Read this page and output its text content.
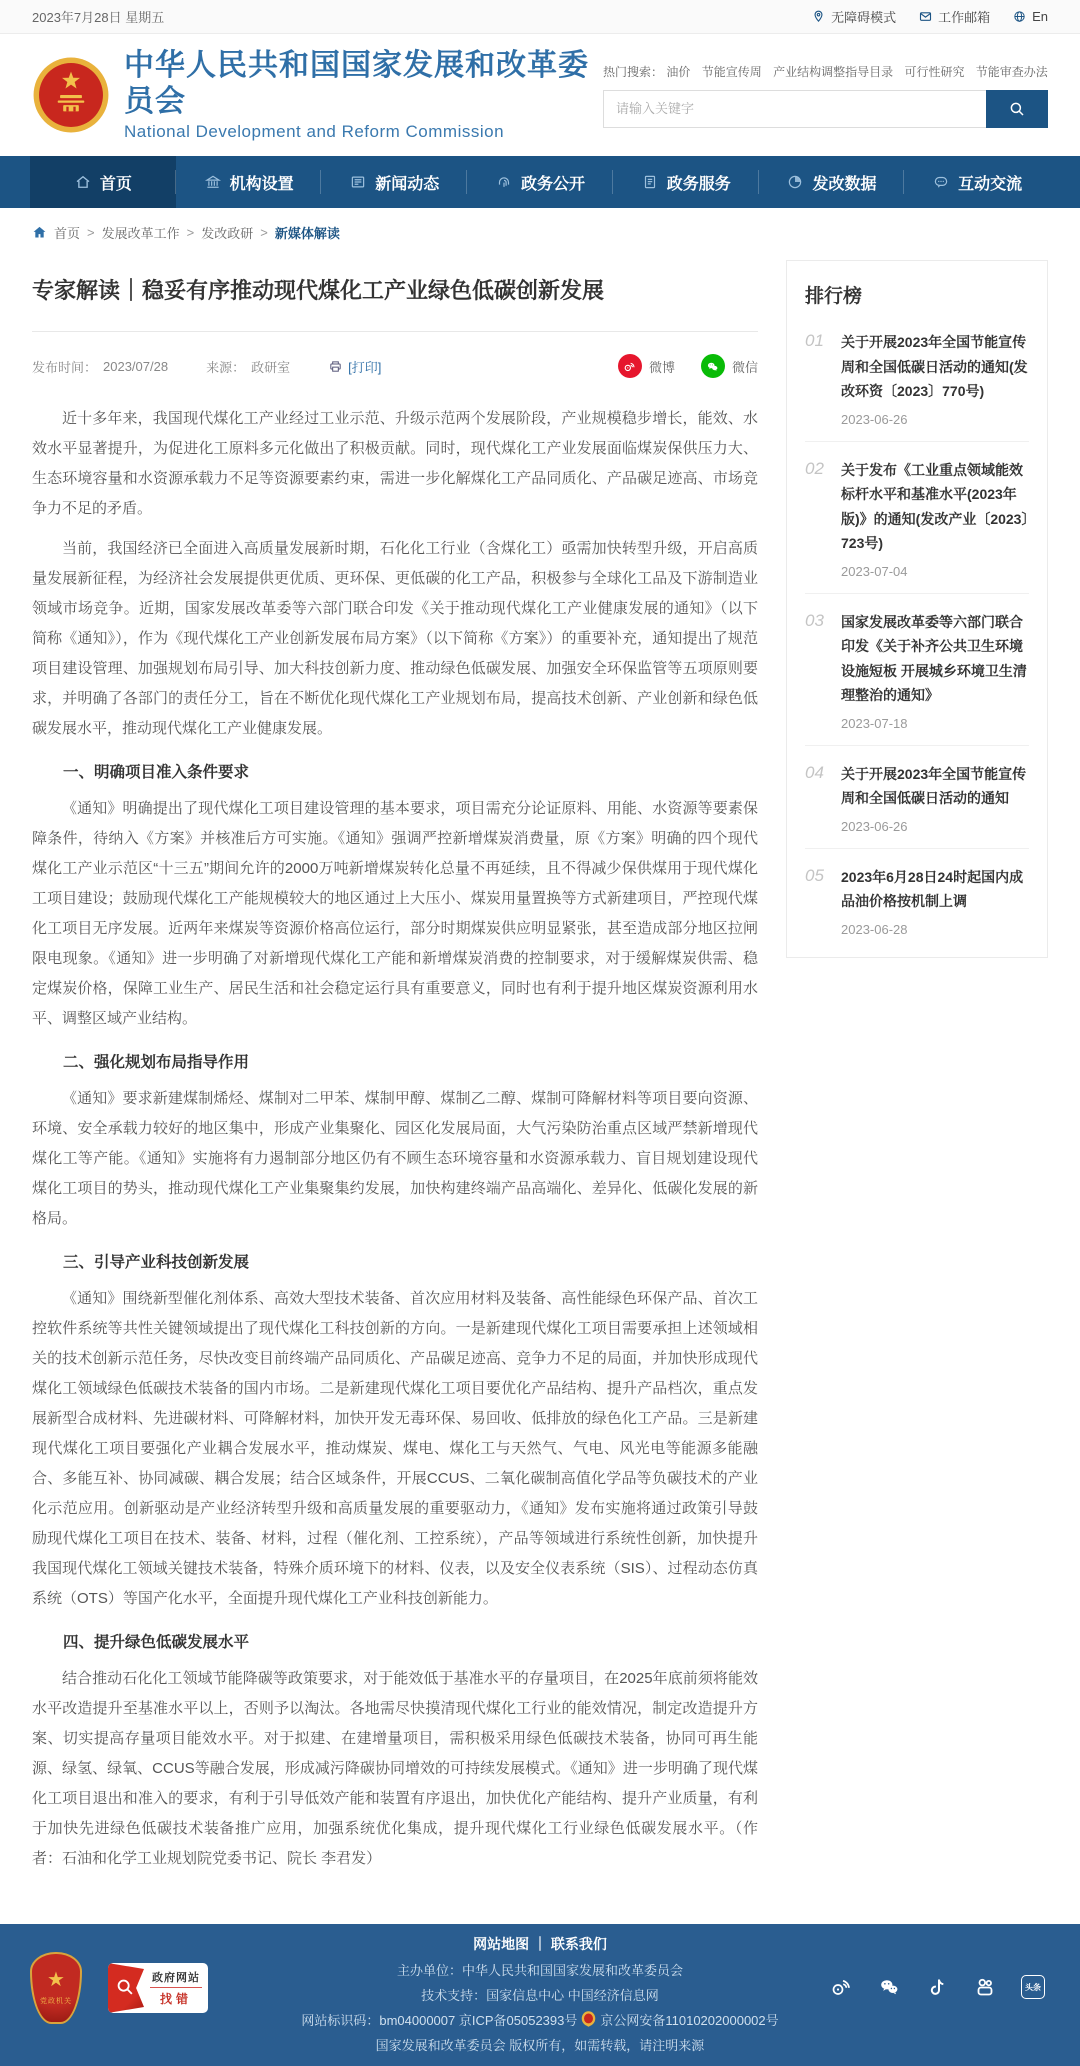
2023年7月28日 星期五	无障碍模式	工作邮箱	En
中华人民共和国国家发展和改革委员会
National Development and Reform Commission
热门搜索： 油价 节能宣传周 产业结构调整指导目录 可行性研究 节能审查办法
请输入关键字
首页	机构设置	新闻动态	政务公开	政务服务	发改数据	互动交流
首页 > 发展改革工作 > 发改政研 > 新媒体解读
专家解读｜稳妥有序推动现代煤化工产业绿色低碳创新发展
发布时间： 2023/07/28	来源： 政研室	[打印]	微博	微信

近十多年来，我国现代煤化工产业经过工业示范、升级示范两个发展阶段，产业规模稳步增长，能效、水效水平显著提升，为促进化工原料多元化做出了积极贡献。同时，现代煤化工产业发展面临煤炭保供压力大、生态环境容量和水资源承载力不足等资源要素约束，需进一步化解煤化工产品同质化、产品碳足迹高、市场竞争力不足的矛盾。

当前，我国经济已全面进入高质量发展新时期，石化化工行业（含煤化工）亟需加快转型升级，开启高质量发展新征程，为经济社会发展提供更优质、更环保、更低碳的化工产品，积极参与全球化工品及下游制造业领域市场竞争。近期，国家发展改革委等六部门联合印发《关于推动现代煤化工产业健康发展的通知》（以下简称《通知》），作为《现代煤化工产业创新发展布局方案》（以下简称《方案》）的重要补充，通知提出了规范项目建设管理、加强规划布局引导、加大科技创新力度、推动绿色低碳发展、加强安全环保监管等五项原则要求，并明确了各部门的责任分工，旨在不断优化现代煤化工产业规划布局，提高技术创新、产业创新和绿色低碳发展水平，推动现代煤化工产业健康发展。

一、明确项目准入条件要求

《通知》明确提出了现代煤化工项目建设管理的基本要求，项目需充分论证原料、用能、水资源等要素保障条件，待纳入《方案》并核准后方可实施。《通知》强调严控新增煤炭消费量，原《方案》明确的四个现代煤化工产业示范区“十三五”期间允许的2000万吨新增煤炭转化总量不再延续，且不得减少保供煤用于现代煤化工项目建设；鼓励现代煤化工产能规模较大的地区通过上大压小、煤炭用量置换等方式新建项目，严控现代煤化工项目无序发展。近两年来煤炭等资源价格高位运行，部分时期煤炭供应明显紧张，甚至造成部分地区拉闸限电现象。《通知》进一步明确了对新增现代煤化工产能和新增煤炭消费的控制要求，对于缓解煤炭供需、稳定煤炭价格，保障工业生产、居民生活和社会稳定运行具有重要意义，同时也有利于提升地区煤炭资源利用水平、调整区域产业结构。

二、强化规划布局指导作用

《通知》要求新建煤制烯烃、煤制对二甲苯、煤制甲醇、煤制乙二醇、煤制可降解材料等项目要向资源、环境、安全承载力较好的地区集中，形成产业集聚化、园区化发展局面，大气污染防治重点区域严禁新增现代煤化工等产能。《通知》实施将有力遏制部分地区仍有不顾生态环境容量和水资源承载力、盲目规划建设现代煤化工项目的势头，推动现代煤化工产业集聚集约发展，加快构建终端产品高端化、差异化、低碳化发展的新格局。

三、引导产业科技创新发展

《通知》围绕新型催化剂体系、高效大型技术装备、首次应用材料及装备、高性能绿色环保产品、首次工控软件系统等共性关键领域提出了现代煤化工科技创新的方向。一是新建现代煤化工项目需要承担上述领域相关的技术创新示范任务，尽快改变目前终端产品同质化、产品碳足迹高、竞争力不足的局面，并加快形成现代煤化工领域绿色低碳技术装备的国内市场。二是新建现代煤化工项目要优化产品结构、提升产品档次，重点发展新型合成材料、先进碳材料、可降解材料，加快开发无毒环保、易回收、低排放的绿色化工产品。三是新建现代煤化工项目要强化产业耦合发展水平，推动煤炭、煤电、煤化工与天然气、气电、风光电等能源多能融合、多能互补、协同减碳、耦合发展；结合区域条件，开展CCUS、二氧化碳制高值化学品等负碳技术的产业化示范应用。创新驱动是产业经济转型升级和高质量发展的重要驱动力，《通知》发布实施将通过政策引导鼓励现代煤化工项目在技术、装备、材料，过程（催化剂、工控系统），产品等领域进行系统性创新，加快提升我国现代煤化工领域关键技术装备，特殊介质环境下的材料、仪表，以及安全仪表系统（SIS）、过程动态仿真系统（OTS）等国产化水平，全面提升现代煤化工产业科技创新能力。

四、提升绿色低碳发展水平

结合推动石化化工领域节能降碳等政策要求，对于能效低于基准水平的存量项目，在2025年底前须将能效水平改造提升至基准水平以上，否则予以淘汰。各地需尽快摸清现代煤化工行业的能效情况，制定改造提升方案、切实提高存量项目能效水平。对于拟建、在建增量项目，需积极采用绿色低碳技术装备，协同可再生能源、绿氢、绿氧、CCUS等融合发展，形成减污降碳协同增效的可持续发展模式。《通知》进一步明确了现代煤化工项目退出和准入的要求，有利于引导低效产能和装置有序退出，加快优化产能结构、提升产业质量，有利于加快先进绿色低碳技术装备推广应用，加强系统优化集成，提升现代煤化工行业绿色低碳发展水平。（作者：石油和化学工业规划院党委书记、院长 李君发）

排行榜
01	关于开展2023年全国节能宣传周和全国低碳日活动的通知(发改环资〔2023〕770号)
2023-06-26
02	关于发布《工业重点领域能效标杆水平和基准水平(2023年版)》的通知(发改产业〔2023〕723号)
2023-07-04
03	国家发展改革委等六部门联合印发《关于补齐公共卫生环境设施短板 开展城乡环境卫生清理整治的通知》
2023-07-18
04	关于开展2023年全国节能宣传周和全国低碳日活动的通知
2023-06-26
05	2023年6月28日24时起国内成品油价格按机制上调
2023-06-28
★
党政机关
政府网站
找错
网站地图 ｜ 联系我们
主办单位：中华人民共和国国家发展和改革委员会
技术支持：国家信息中心 中国经济信息网
网站标识码：bm04000007 京ICP备05052393号 京公网安备11010202000002号
国家发展和改革委员会 版权所有，如需转载，请注明来源
头条
